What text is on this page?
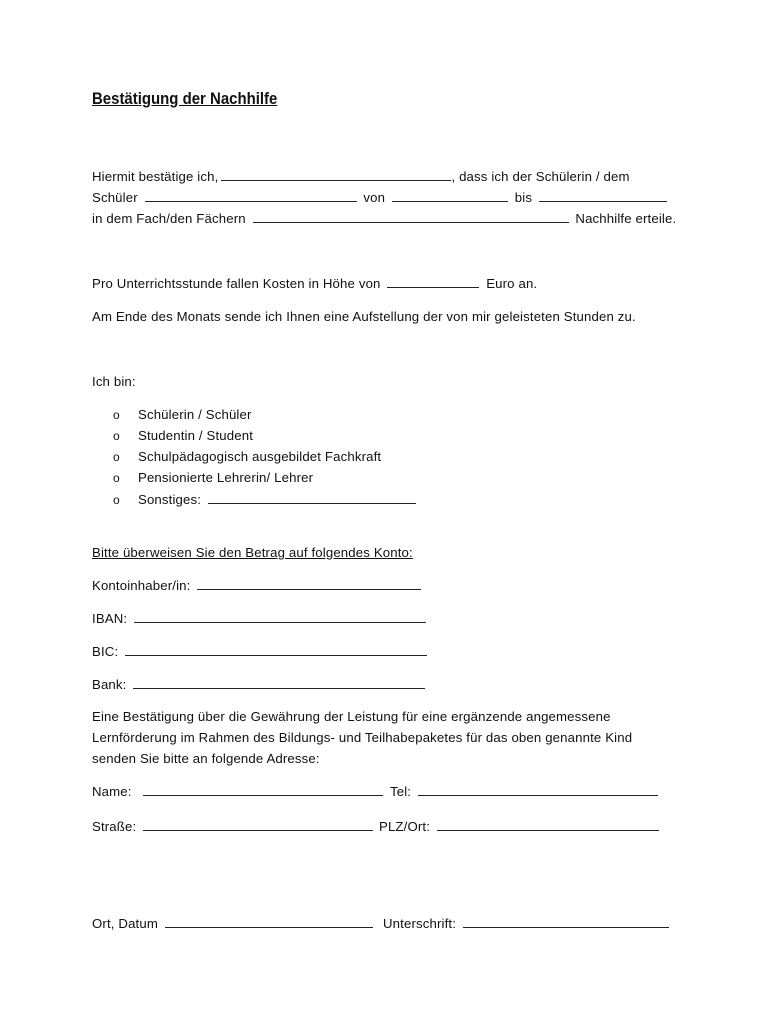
Bestätigung der Nachhilfe
Hiermit bestätige ich,	, dass ich der Schülerin / dem
Schüler	von	bis
in dem Fach/den Fächern	Nachhilfe erteile.
Pro Unterrichtsstunde fallen Kosten in Höhe von	Euro an.
Am Ende des Monats sende ich Ihnen eine Aufstellung der von mir geleisteten Stunden zu.
Ich bin:
o Schülerin / Schüler
o Studentin / Student
o Schulpädagogisch ausgebildet Fachkraft
o Pensionierte Lehrerin/ Lehrer
o Sonstiges:
Bitte überweisen Sie den Betrag auf folgendes Konto:
Kontoinhaber/in:
IBAN:
BIC:
Bank:
Eine Bestätigung über die Gewährung der Leistung für eine ergänzende angemessene
Lernförderung im Rahmen des Bildungs- und Teilhabepaketes für das oben genannte Kind
senden Sie bitte an folgende Adresse:
Name:	Tel:
Straße:	PLZ/Ort:
Ort, Datum	Unterschrift:
